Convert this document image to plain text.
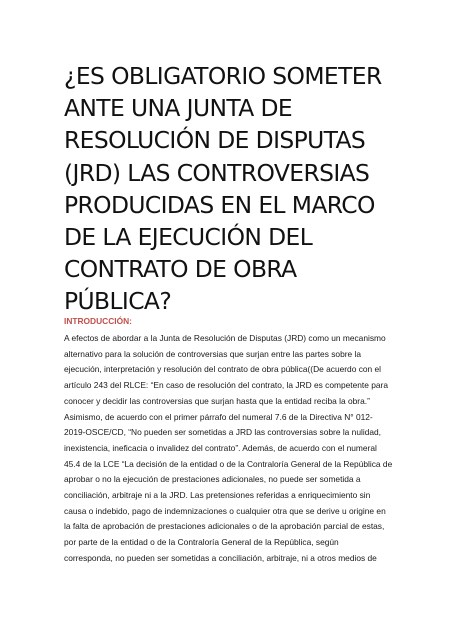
¿ES OBLIGATORIO SOMETER
ANTE UNA JUNTA DE
RESOLUCIÓN DE DISPUTAS
(JRD) LAS CONTROVERSIAS
PRODUCIDAS EN EL MARCO
DE LA EJECUCIÓN DEL
CONTRATO DE OBRA
PÚBLICA?
INTRODUCCIÓN:

A efectos de abordar a la Junta de Resolución de Disputas (JRD) como un mecanismo
alternativo para la solución de controversias que surjan entre las partes sobre la
ejecución, interpretación y resolución del contrato de obra pública((De acuerdo con el
artículo 243 del RLCE: “En caso de resolución del contrato, la JRD es competente para
conocer y decidir las controversias que surjan hasta que la entidad reciba la obra.”
Asimismo, de acuerdo con el primer párrafo del numeral 7.6 de la Directiva N° 012-
2019-OSCE/CD, “No pueden ser sometidas a JRD las controversias sobre la nulidad,
inexistencia, ineficacia o invalidez del contrato”. Además, de acuerdo con el numeral
45.4 de la LCE “La decisión de la entidad o de la Contraloría General de la República de
aprobar o no la ejecución de prestaciones adicionales, no puede ser sometida a
conciliación, arbitraje ni a la JRD. Las pretensiones referidas a enriquecimiento sin
causa o indebido, pago de indemnizaciones o cualquier otra que se derive u origine en
la falta de aprobación de prestaciones adicionales o de la aprobación parcial de estas,
por parte de la entidad o de la Contraloría General de la República, según
corresponda, no pueden ser sometidas a conciliación, arbitraje, ni a otros medios de
